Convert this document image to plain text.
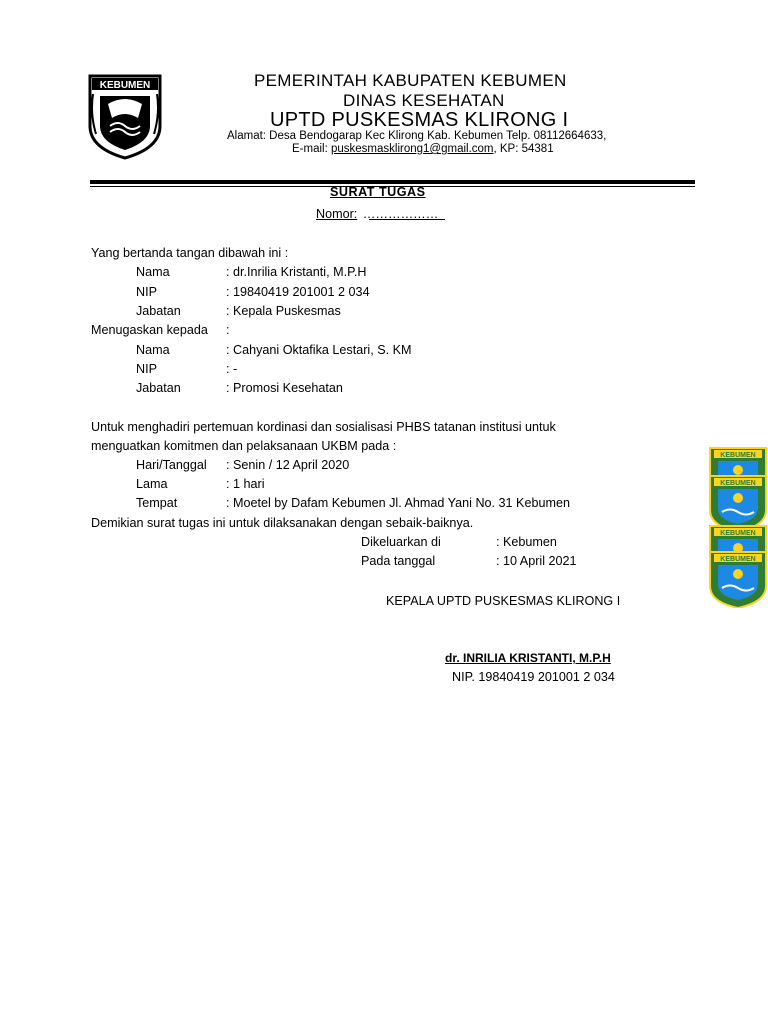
KEBUMEN	PEMERINTAH KABUPATEN KEBUMEN
DINAS KESEHATAN
UPTD PUSKESMAS KLIRONG I
Alamat: Desa Bendogarap Kec Klirong Kab. Kebumen Telp. 08112664633,
E-mail: puskesmasklirong1@gmail.com, KP: 54381
SURAT TUGAS
Nomor: ………………
Yang bertanda tangan dibawah ini :
Nama	: dr.Inrilia Kristanti, M.P.H
NIP	: 19840419 201001 2 034
Jabatan	: Kepala Puskesmas
Menugaskan kepada :
Nama	: Cahyani Oktafika Lestari, S. KM
NIP	: -
Jabatan	: Promosi Kesehatan
Untuk menghadiri pertemuan kordinasi dan sosialisasi PHBS tatanan institusi untuk
menguatkan komitmen dan pelaksanaan UKBM pada :
Hari/Tanggal : Senin / 12 April 2020
Lama	: 1 hari
Tempat	: Moetel by Dafam Kebumen Jl. Ahmad Yani No. 31 Kebumen
Demikian surat tugas ini untuk dilaksanakan dengan sebaik-baiknya.
Dikeluarkan di	: Kebumen
Pada tanggal	: 10 April 2021
KEPALA UPTD PUSKESMAS KLIRONG I
dr. INRILIA KRISTANTI, M.P.H
NIP. 19840419 201001 2 034
KEBUMEN
KEBUMEN
KEBUMEN
KEBUMEN
